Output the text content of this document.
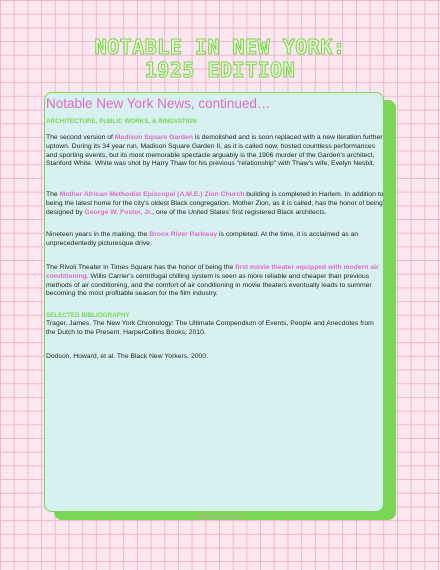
NOTABLE IN NEW YORK:
1925 EDITION
Notable New York News, continued…
ARCHITECTURE, PUBLIC WORKS, & INNOVATION
The second version of Madison Square Garden is demolished and is soon replaced with a new iteration further uptown. During its 34 year run, Madison Square Garden II, as it is called now, hosted countless performances and sporting events, but its most memorable spectacle arguably is the 1906 murder of the Garden's architect, Stanford White. White was shot by Harry Thaw for his previous "relationship" with Thaw's wife, Evelyn Nesbit.
The Mother African Methodist Episcopal (A.M.E.) Zion Church building is completed in Harlem. In addition to being the latest home for the city's oldest Black congregation. Mother Zion, as it is called, has the honor of being designed by George W. Foster, Jr., one of the United States' first registered Black architects.
Nineteen years in the making, the Bronx River Parkway is completed. At the time, it is acclaimed as an unprecedentedly picturesque drive.
The Rivoli Theater in Times Square has the honor of being the first movie theater equipped with modern air conditioning. Willis Carrier's centrifugal chilling system is seen as more reliable and cheaper than previous methods of air conditioning, and the comfort of air conditioning in movie theaters eventually leads to summer becoming the most profitable season for the film industry.
SELECTED BIBLIOGRAPHY
Trager, James. The New York Chronology: The Ultimate Compendium of Events, People and Anecdotes from the Dutch to the Present. HarperCollins Books, 2010.
Dodson, Howard, et al. The Black New Yorkers. 2000.
@dandyandtheflapper
